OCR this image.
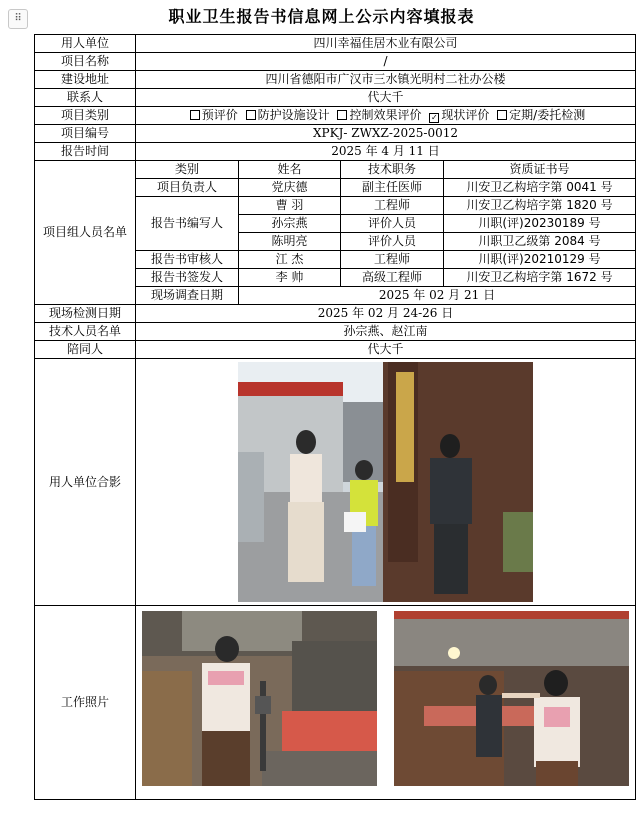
⠿	职业卫生报告书信息网上公示内容填报表
用人单位	四川幸福佳居木业有限公司			
项目名称	/			
建设地址	四川省德阳市广汉市三水镇光明村二社办公楼			
联系人	代大千			
项目类别	预评价 防护设施设计 控制效果评价 ✓ 现状评价 定期/委托检测			
项目编号	XPKJ- ZWXZ-2025-0012			
报告时间	2025 年 4 月 11 日			
项目组人员名单	类别	姓名	技术职务	资质证书号
	项目负责人	党庆德	副主任医师	川安卫乙构培字第 0041 号
	报告书编写人	曹 羽	工程师	川安卫乙构培字第 1820 号
		孙宗燕	评价人员	川职(评)20230189 号
		陈明亮	评价人员	川职卫乙级第 2084 号
	报告书审核人	江 杰	工程师	川职(评)20210129 号
	报告书签发人	李 帅	高级工程师	川安卫乙构培字第 1672 号
	现场调查日期	2025 年 02 月 21 日		
现场检测日期	2025 年 02 月 24-26 日			
技术人员名单	孙宗燕、赵江南			
陪同人	代大千			
用人单位合影	
工作照片	
